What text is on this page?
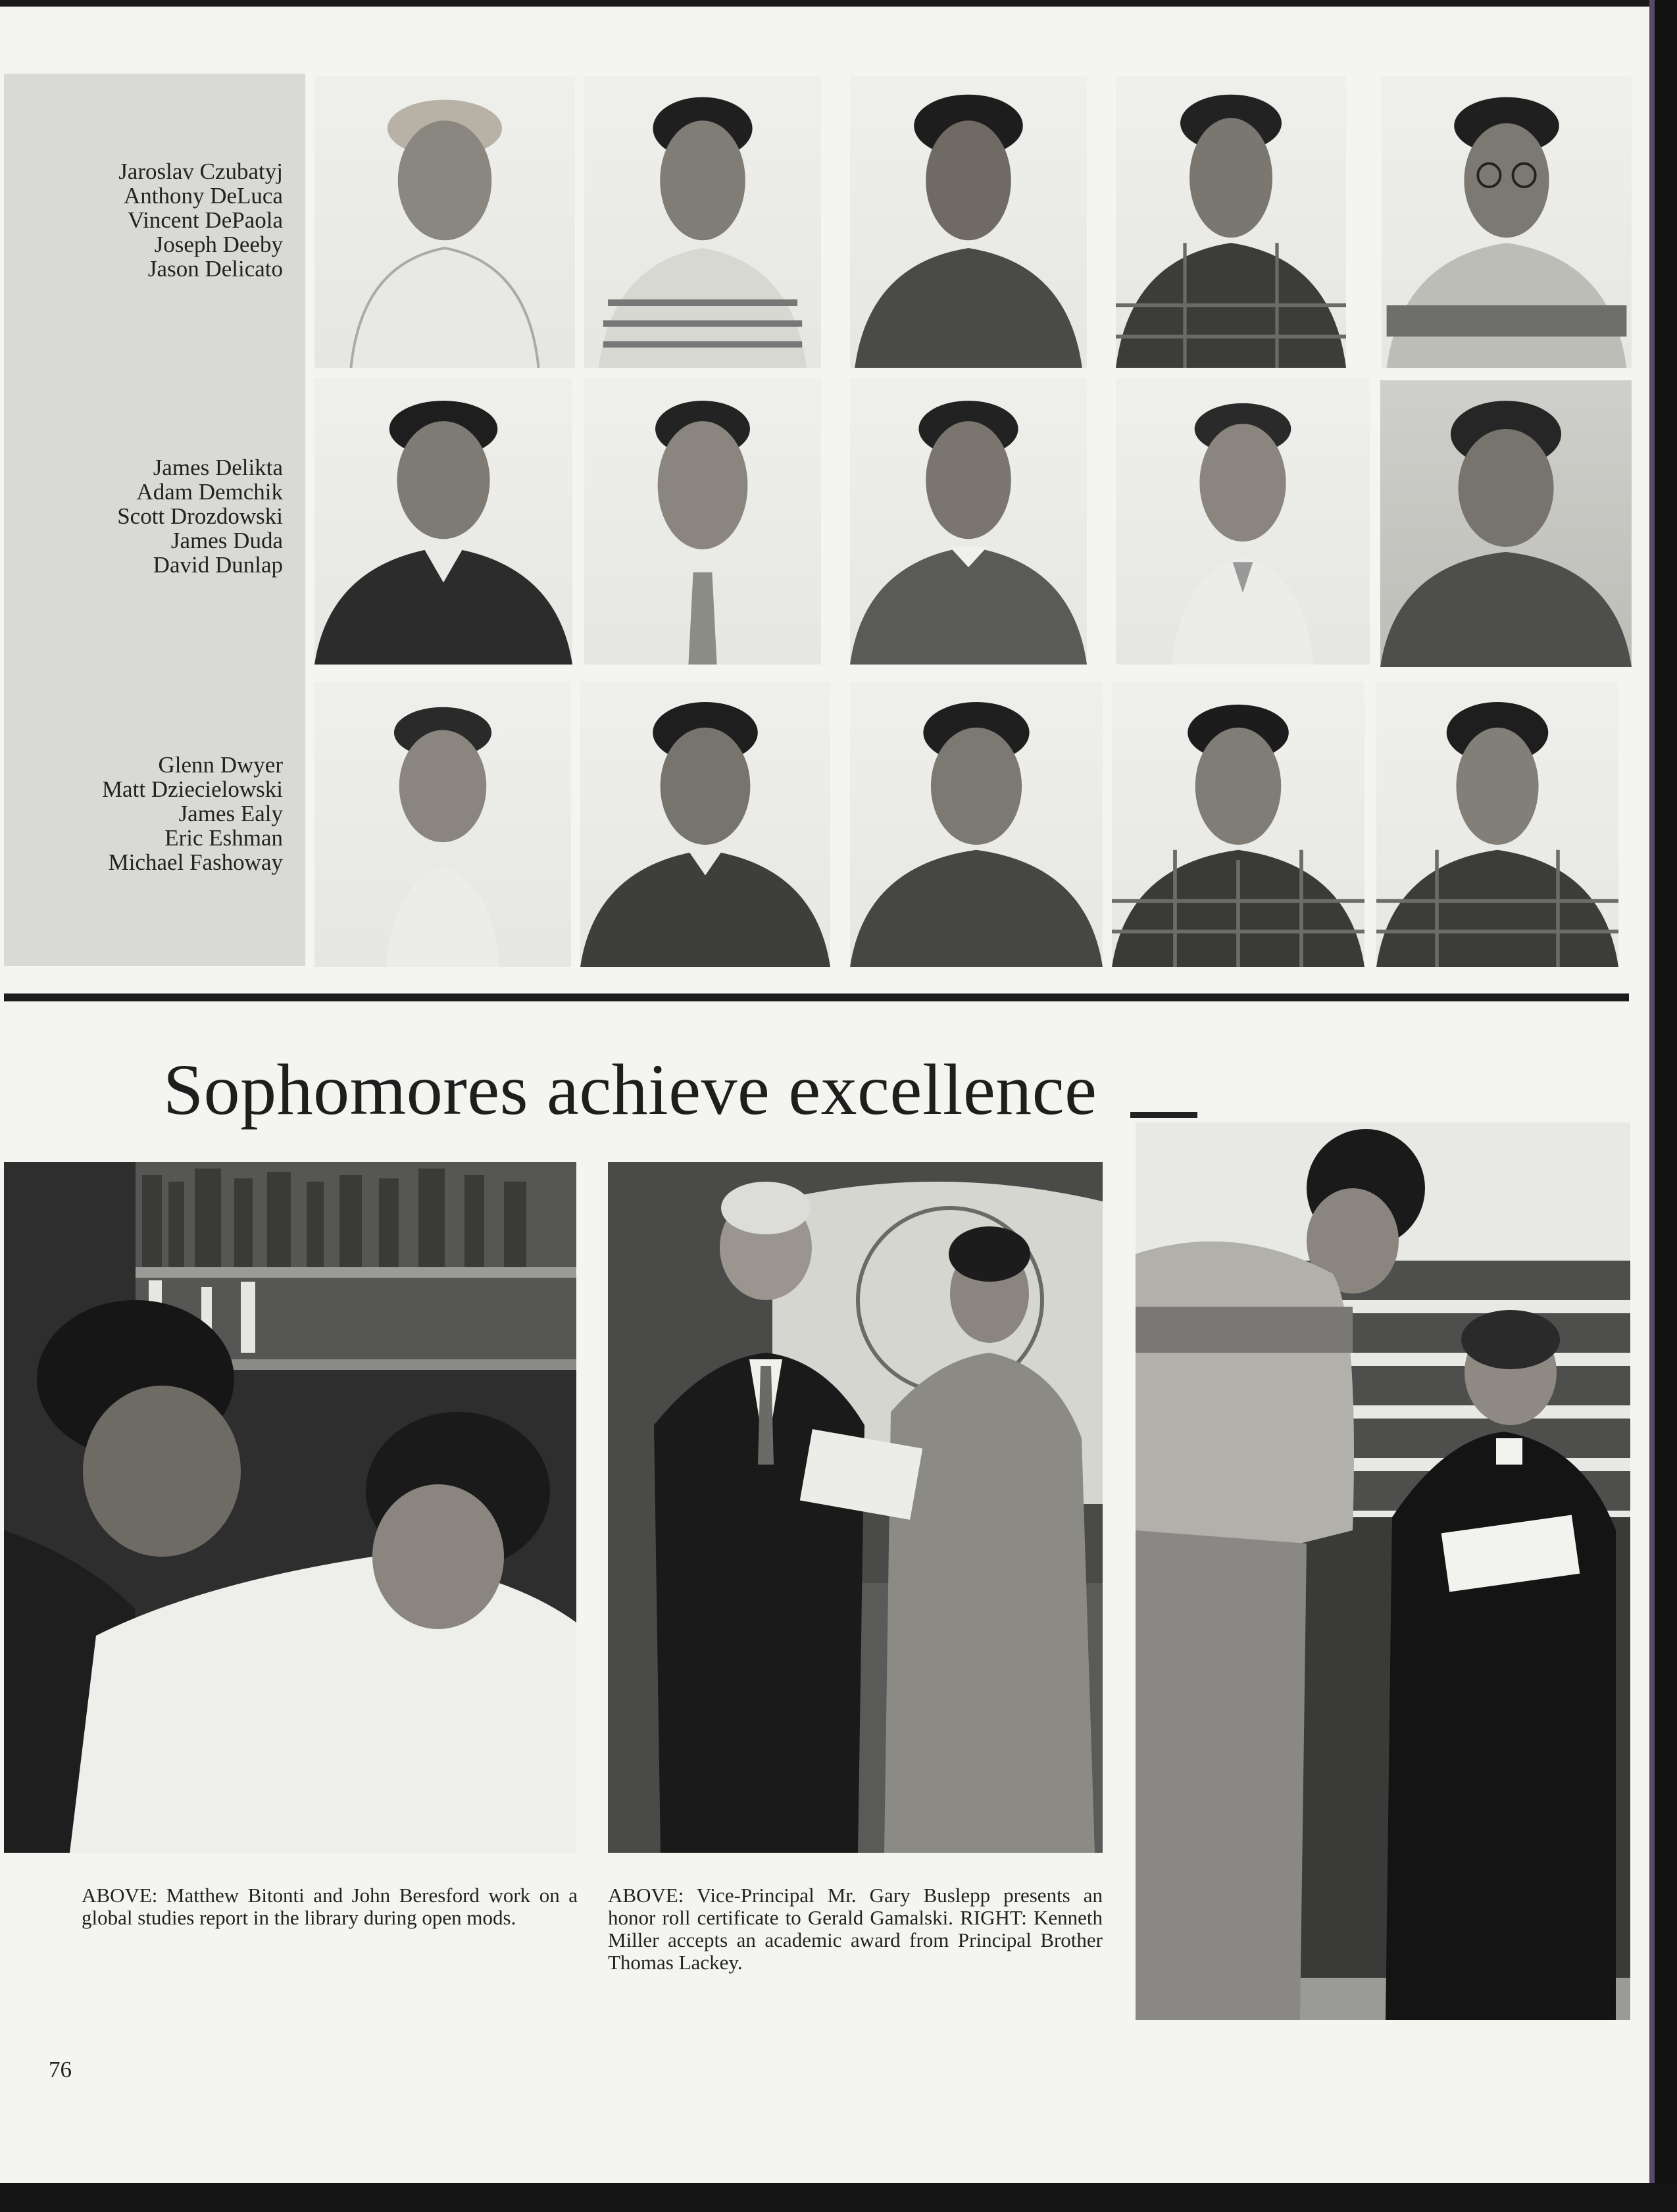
Jaroslav Czubatyj
Anthony DeLuca
Vincent DePaola
Joseph Deeby
Jason Delicato
James Delikta
Adam Demchik
Scott Drozdowski
James Duda
David Dunlap
Glenn Dwyer
Matt Dziecielowski
James Ealy
Eric Eshman
Michael Fashoway
Sophomores achieve excellence
ABOVE: Matthew Bitonti and John Beresford work on a global studies report in the library during open mods.
ABOVE: Vice-Principal Mr. Gary Buslepp presents an honor roll certificate to Gerald Gamalski. RIGHT: Kenneth Miller accepts an academic award from Principal Brother Thomas Lackey.
76
